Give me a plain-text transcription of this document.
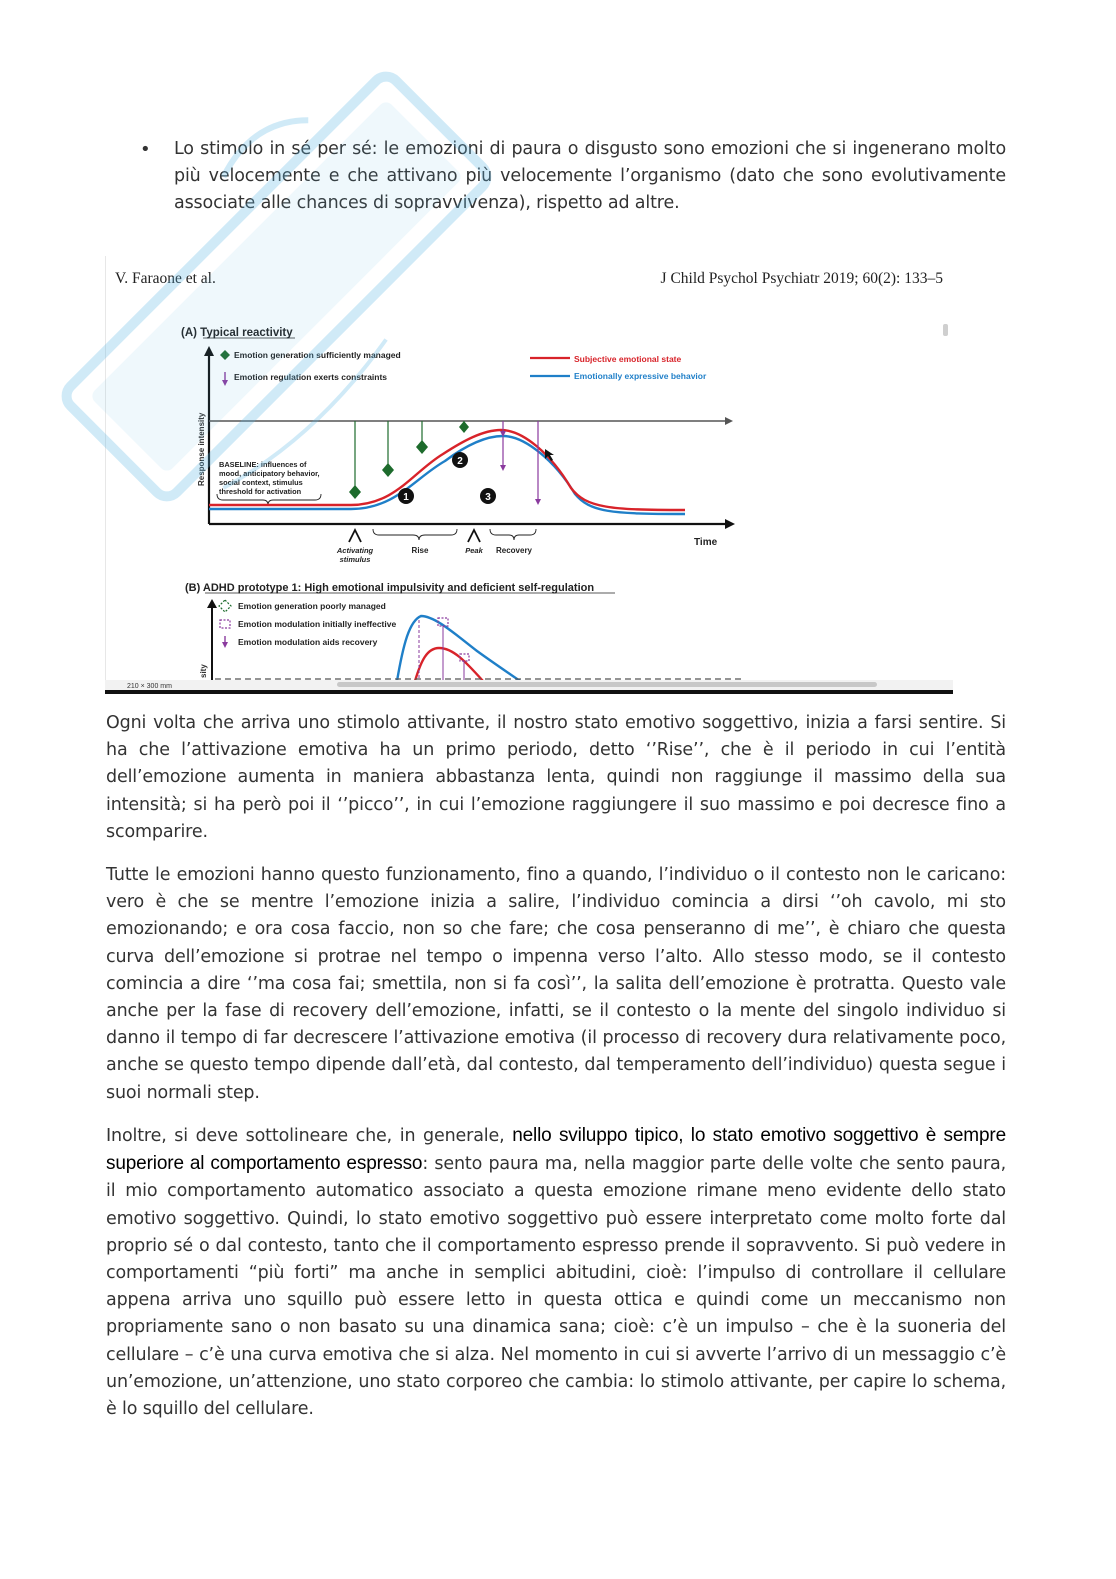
• Lo stimolo in sé per sé: le emozioni di paura o disgusto sono emozioni che si ingenerano molto più velocemente e che attivano più velocemente l’organismo (dato che sono evolutivamente associate alle chances di sopravvivenza), rispetto ad altre.
V. Faraone et al.	J Child Psychol Psychiatr 2019; 60(2): 133–5
(A) Typical reactivity
Emotion generation sufficiently managed
Emotion regulation exerts constraints
Subjective emotional state
Emotionally expressive behavior
Response intensity
Time
BASELINE: influences of
mood, anticipatory behavior,
social context, stimulus
threshold for activation
1
2
3
Activating
stimulus
Rise	Peak Recovery
(B) ADHD prototype 1: High emotional impulsivity and deficient self-regulation
Emotion generation poorly managed
Emotion modulation initially ineffective
Emotion modulation aids recovery
sity
210 × 300 mm

Ogni volta che arriva uno stimolo attivante, il nostro stato emotivo soggettivo, inizia a farsi sentire. Si ha che l’attivazione emotiva ha un primo periodo, detto ‘’Rise’’, che è il periodo in cui l’entità dell’emozione aumenta in maniera abbastanza lenta, quindi non raggiunge il massimo della sua intensità; si ha però poi il ‘’picco’’, in cui l’emozione raggiungere il suo massimo e poi decresce fino a scomparire.

Tutte le emozioni hanno questo funzionamento, fino a quando, l’individuo o il contesto non le caricano: vero è che se mentre l’emozione inizia a salire, l’individuo comincia a dirsi ‘’oh cavolo, mi sto emozionando; e ora cosa faccio, non so che fare; che cosa penseranno di me’’, è chiaro che questa curva dell’emozione si protrae nel tempo o impenna verso l’alto. Allo stesso modo, se il contesto comincia a dire ‘’ma cosa fai; smettila, non si fa così’’, la salita dell’emozione è protratta. Questo vale anche per la fase di recovery dell’emozione, infatti, se il contesto o la mente del singolo individuo si danno il tempo di far decrescere l’attivazione emotiva (il processo di recovery dura relativamente poco, anche se questo tempo dipende dall’età, dal contesto, dal temperamento dell’individuo) questa segue i suoi normali step.

Inoltre, si deve sottolineare che, in generale, nello sviluppo tipico, lo stato emotivo soggettivo è sempre superiore al comportamento espresso: sento paura ma, nella maggior parte delle volte che sento paura, il mio comportamento automatico associato a questa emozione rimane meno evidente dello stato emotivo soggettivo. Quindi, lo stato emotivo soggettivo può essere interpretato come molto forte dal proprio sé o dal contesto, tanto che il comportamento espresso prende il sopravvento. Si può vedere in comportamenti “più forti” ma anche in semplici abitudini, cioè: l’impulso di controllare il cellulare appena arriva uno squillo può essere letto in questa ottica e quindi come un meccanismo non propriamente sano o non basato su una dinamica sana; cioè: c’è un impulso – che è la suoneria del cellulare – c’è una curva emotiva che si alza. Nel momento in cui si avverte l’arrivo di un messaggio c’è un’emozione, un’attenzione, uno stato corporeo che cambia: lo stimolo attivante, per capire lo schema, è lo squillo del cellulare.
